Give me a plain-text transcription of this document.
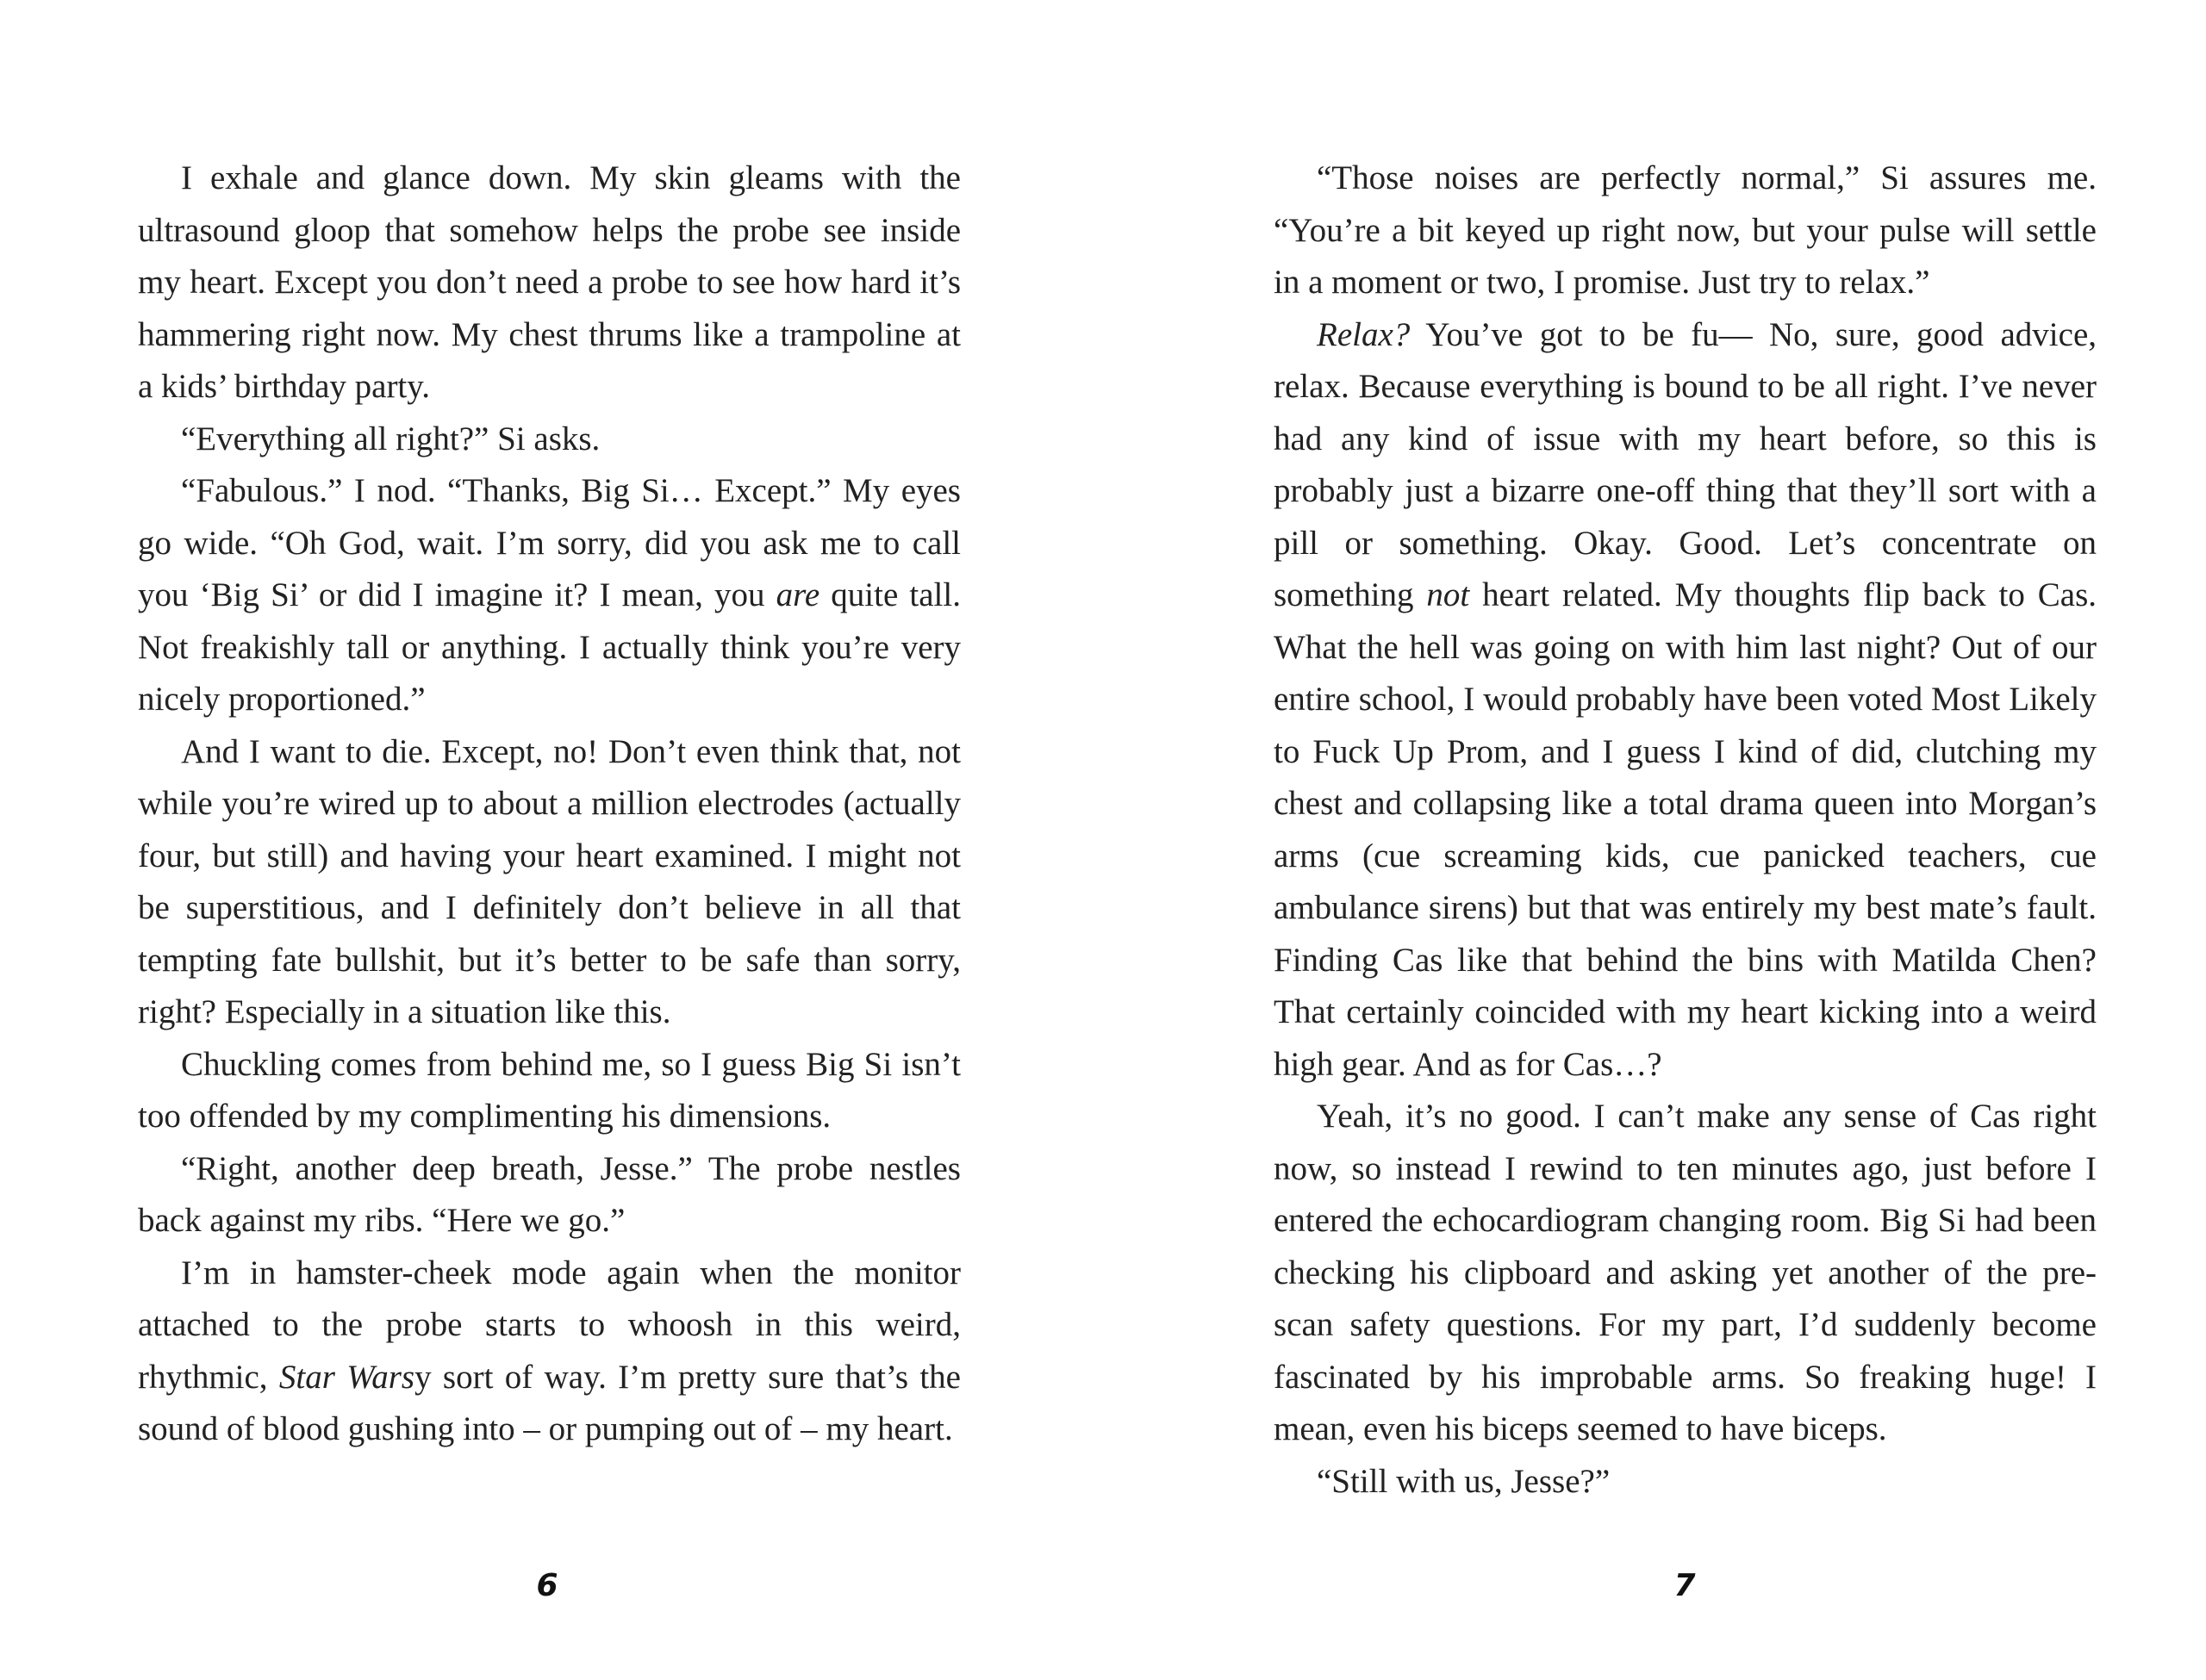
I exhale and glance down. My skin gleams with the ultrasound gloop that somehow helps the probe see inside my heart. Except you don’t need a probe to see how hard it’s hammering right now. My chest thrums like a trampoline at a kids’ birthday party.

“Everything all right?” Si asks.

“Fabulous.” I nod. “Thanks, Big Si… Except.” My eyes go wide. “Oh God, wait. I’m sorry, did you ask me to call you ‘Big Si’ or did I imagine it? I mean, you are quite tall. Not freakishly tall or anything. I actually think you’re very nicely proportioned.”

And I want to die. Except, no! Don’t even think that, not while you’re wired up to about a million electrodes (actually four, but still) and having your heart examined. I might not be superstitious, and I definitely don’t believe in all that tempting fate bullshit, but it’s better to be safe than sorry, right? Especially in a situation like this.

Chuckling comes from behind me, so I guess Big Si isn’t too offended by my complimenting his dimensions.

“Right, another deep breath, Jesse.” The probe nestles back against my ribs. “Here we go.”

I’m in hamster-cheek mode again when the monitor attached to the probe starts to whoosh in this weird, rhythmic, Star Warsy sort of way. I’m pretty sure that’s the sound of blood gushing into – or pumping out of – my heart.

6

“Those noises are perfectly normal,” Si assures me. “You’re a bit keyed up right now, but your pulse will settle in a moment or two, I promise. Just try to relax.”

Relax? You’ve got to be fu— No, sure, good advice, relax. Because everything is bound to be all right. I’ve never had any kind of issue with my heart before, so this is probably just a bizarre one-off thing that they’ll sort with a pill or something. Okay. Good. Let’s concentrate on something not heart related. My thoughts flip back to Cas. What the hell was going on with him last night? Out of our entire school, I would probably have been voted Most Likely to Fuck Up Prom, and I guess I kind of did, clutching my chest and collapsing like a total drama queen into Morgan’s arms (cue screaming kids, cue panicked teachers, cue ambulance sirens) but that was entirely my best mate’s fault. Finding Cas like that behind the bins with Matilda Chen? That certainly coincided with my heart kicking into a weird high gear. And as for Cas…?

Yeah, it’s no good. I can’t make any sense of Cas right now, so instead I rewind to ten minutes ago, just before I entered the echocardiogram changing room. Big Si had been checking his clipboard and asking yet another of the pre-scan safety questions. For my part, I’d suddenly become fascinated by his improbable arms. So freaking huge! I mean, even his biceps seemed to have biceps.

“Still with us, Jesse?”

7
